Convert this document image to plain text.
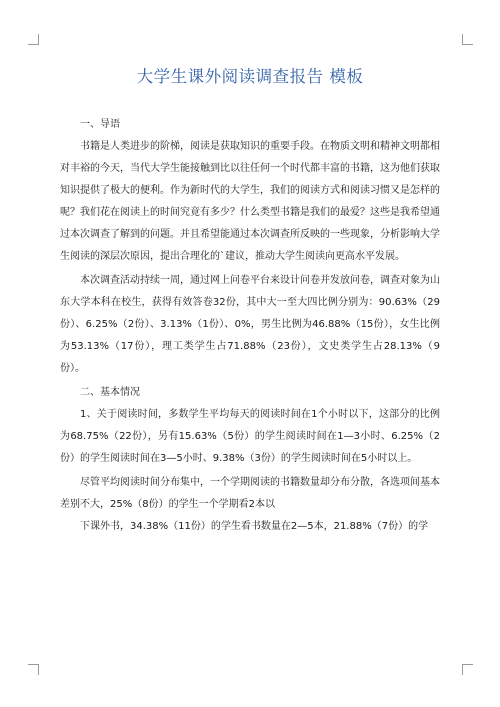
大学生课外阅读调查报告 模板

一、导语

书籍是人类进步的阶梯，阅读是获取知识的重要手段。在物质文明和精神文明都相对丰裕的今天，当代大学生能接触到比以往任何一个时代都丰富的书籍，这为他们获取知识提供了极大的便利。作为新时代的大学生，我们的阅读方式和阅读习惯又是怎样的呢？我们花在阅读上的时间究竟有多少？什么类型书籍是我们的最爱？这些是我希望通过本次调查了解到的问题。并且希望能通过本次调查所反映的一些现象，分析影响大学生阅读的深层次原因，提出合理化的`建议，推动大学生阅读向更高水平发展。

本次调查活动持续一周，通过网上问卷平台来设计问卷并发放问卷，调查对象为山东大学本科在校生，获得有效答卷32份，其中大一至大四比例分别为：90.63%（29份）、6.25%（2份）、3.13%（1份）、0%，男生比例为46.88%（15份），女生比例为53.13%（17份），理工类学生占71.88%（23份），文史类学生占28.13%（9份）。

二、基本情况

1、关于阅读时间，多数学生平均每天的阅读时间在1个小时以下，这部分的比例为68.75%（22份），另有15.63%（5份）的学生阅读时间在1—3小时、6.25%（2份）的学生阅读时间在3—5小时、9.38%（3份）的学生阅读时间在5小时以上。

尽管平均阅读时间分布集中，一个学期阅读的书籍数量却分布分散，各选项间基本差别不大，25%（8份）的学生一个学期看2本以

下课外书，34.38%（11份）的学生看书数量在2—5本，21.88%（7份）的学
